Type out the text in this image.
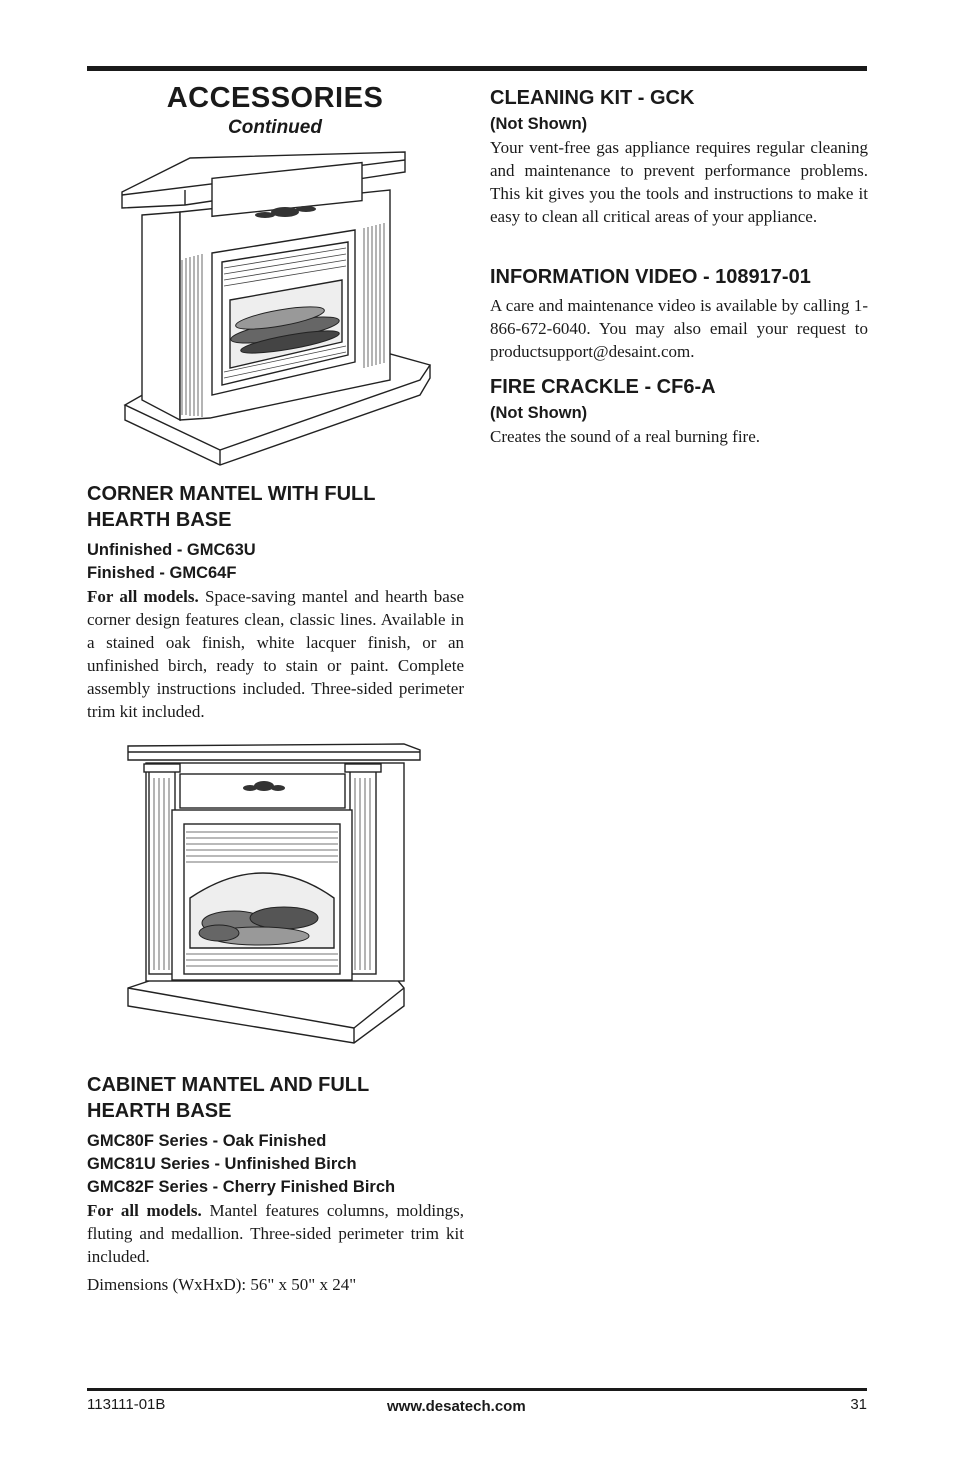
ACCESSORIES
Continued
CORNER MANTEL WITH FULL
HEARTH BASE
Unfinished - GMC63U
Finished - GMC64F

For all models. Space-saving mantel and hearth base corner design features clean, classic lines. Available in a stained oak finish, white lacquer finish, or an unfinished birch, ready to stain or paint. Complete assembly instructions included. Three-sided perimeter trim kit included.

CABINET MANTEL AND FULL
HEARTH BASE
GMC80F Series - Oak Finished
GMC81U Series - Unfinished Birch
GMC82F Series - Cherry Finished Birch

For all models. Mantel features columns, moldings, fluting and medallion. Three-sided perimeter trim kit included.

Dimensions (WxHxD): 56" x 50" x 24"

CLEANING KIT - GCK
(Not Shown)

Your vent-free gas appliance requires regular cleaning and maintenance to prevent performance problems. This kit gives you the tools and instructions to make it easy to clean all critical areas of your appliance.

INFORMATION VIDEO - 108917-01

A care and maintenance video is available by calling 1-866-672-6040. You may also email your request to productsupport@desaint.com.

FIRE CRACKLE - CF6-A
(Not Shown)

Creates the sound of a real burning fire.

113111-01B	www.desatech.com	31
